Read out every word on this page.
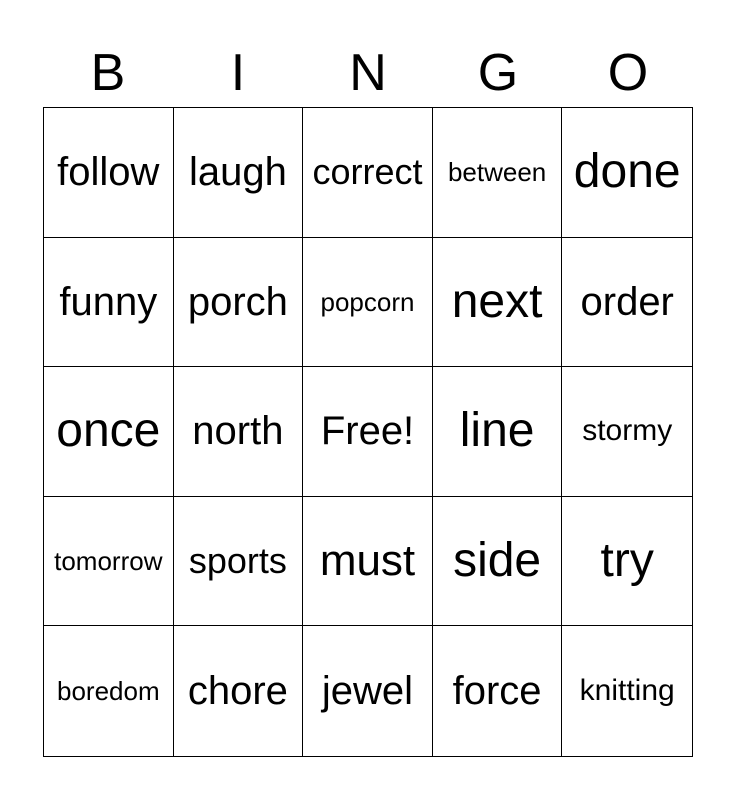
B	I	N	G	O
follow laugh correct between done
funny porch	popcorn next order
once north Free! line	stormy
tomorrow sports must side	try
boredom chore jewel force	knitting
